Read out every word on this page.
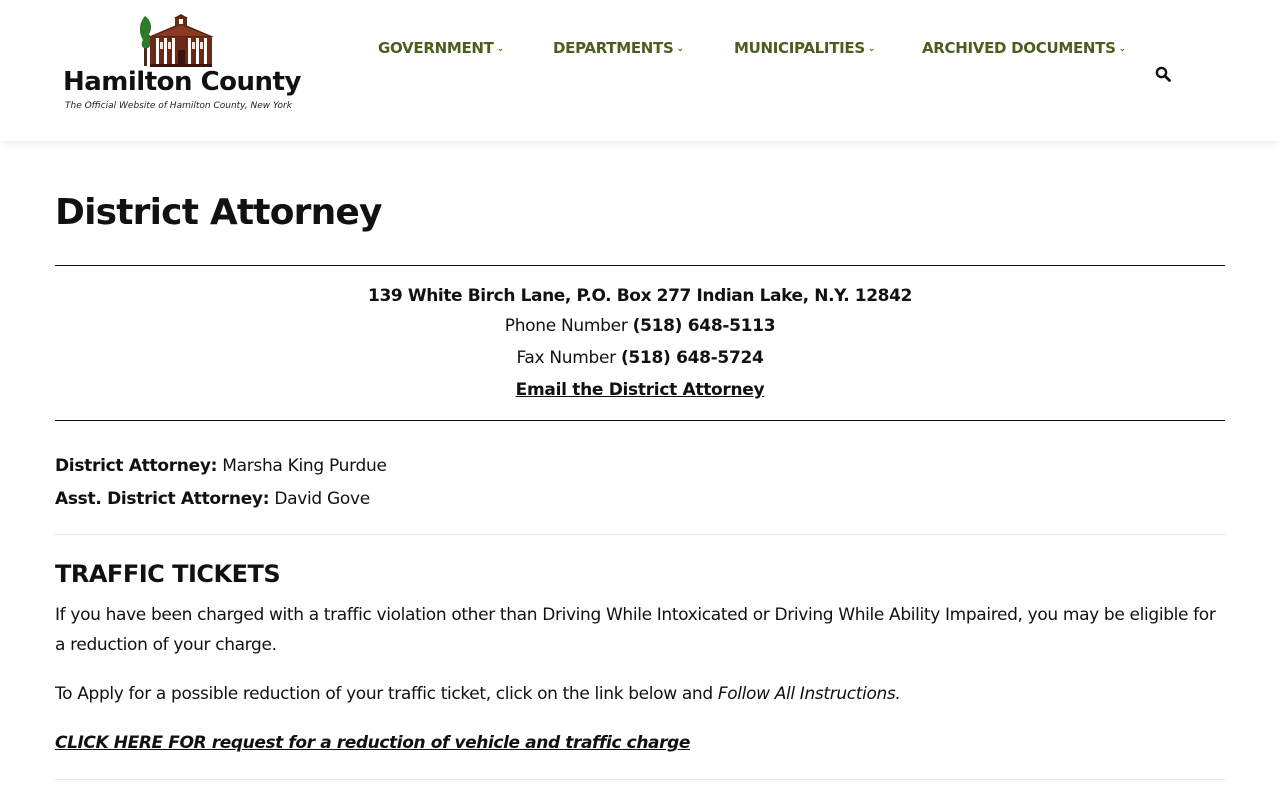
Hamilton County
The Official Website of Hamilton County, New York
GOVERNMENT ⌄	DEPARTMENTS ⌄	MUNICIPALITIES ⌄	ARCHIVED DOCUMENTS ⌄
District Attorney
139 White Birch Lane, P.O. Box 277 Indian Lake, N.Y. 12842
Phone Number (518) 648-5113
Fax Number (518) 648-5724
Email the District Attorney
District Attorney: Marsha King Purdue
Asst. District Attorney: David Gove
TRAFFIC TICKETS

If you have been charged with a traffic violation other than Driving While Intoxicated or Driving While Ability Impaired, you may be eligible for a reduction of your charge.

To Apply for a possible reduction of your traffic ticket, click on the link below and Follow All Instructions.

CLICK HERE FOR request for a reduction of vehicle and traffic charge
